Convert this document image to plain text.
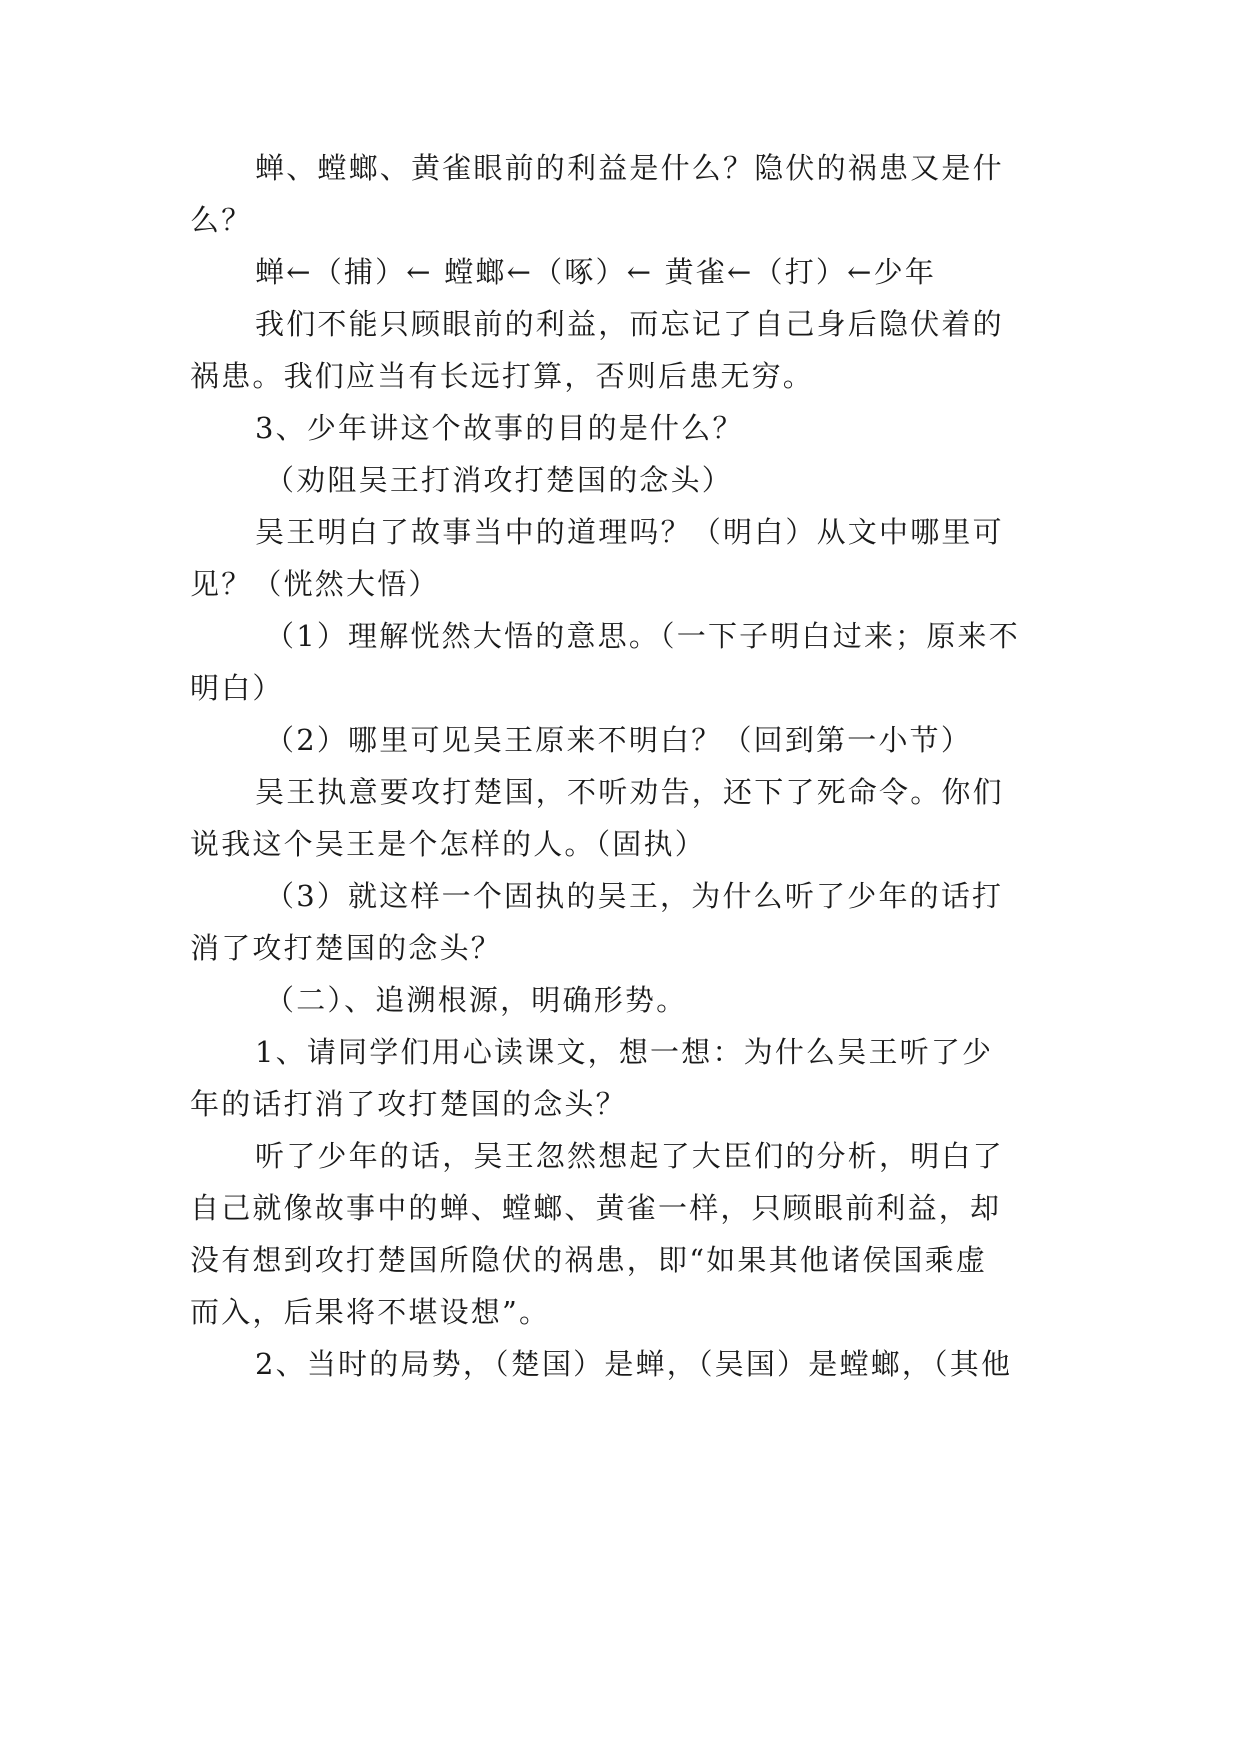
蝉、螳螂、黄雀眼前的利益是什么？隐伏的祸患又是什
么？
蝉←（捕）← 螳螂←（啄）← 黄雀←（打）←少年
我们不能只顾眼前的利益，而忘记了自己身后隐伏着的
祸患。我们应当有长远打算，否则后患无穷。
3、少年讲这个故事的目的是什么？
（劝阻吴王打消攻打楚国的念头）
吴王明白了故事当中的道理吗？（明白）从文中哪里可
见？（恍然大悟）
（1）理解恍然大悟的意思。（一下子明白过来；原来不
明白）
（2）哪里可见吴王原来不明白？（回到第一小节）
吴王执意要攻打楚国，不听劝告，还下了死命令。你们
说我这个吴王是个怎样的人。（固执）
（3）就这样一个固执的吴王，为什么听了少年的话打
消了攻打楚国的念头？
（二）、追溯根源，明确形势。
1、请同学们用心读课文，想一想：为什么吴王听了少
年的话打消了攻打楚国的念头？
听了少年的话，吴王忽然想起了大臣们的分析，明白了
自己就像故事中的蝉、螳螂、黄雀一样，只顾眼前利益，却
没有想到攻打楚国所隐伏的祸患，即“如果其他诸侯国乘虚
而入，后果将不堪设想”。
2、当时的局势，（楚国）是蝉，（吴国）是螳螂，（其他
